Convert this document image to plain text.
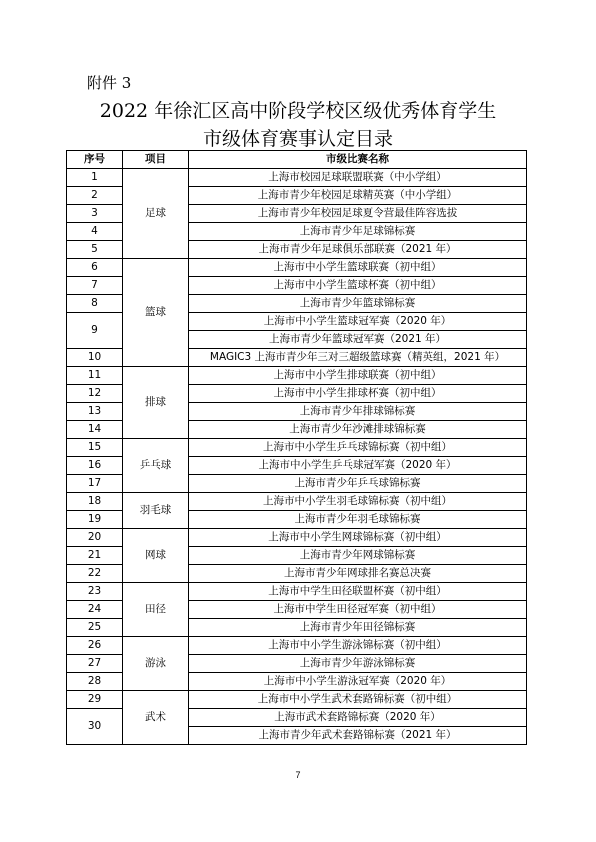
附件 3
2022 年徐汇区高中阶段学校区级优秀体育学生
市级体育赛事认定目录
序号	项目	市级比赛名称
1	足球	上海市校园足球联盟联赛（中小学组）
2		上海市青少年校园足球精英赛（中小学组）
3		上海市青少年校园足球夏令营最佳阵容选拔
4		上海市青少年足球锦标赛
5		上海市青少年足球俱乐部联赛（2021 年）
6	篮球	上海市中小学生篮球联赛（初中组）
7		上海市中小学生篮球杯赛（初中组）
8		上海市青少年篮球锦标赛
9		上海市中小学生篮球冠军赛（2020 年）
		上海市青少年篮球冠军赛（2021 年）
10		MAGIC3 上海市青少年三对三超级篮球赛（精英组，2021 年）
11	排球	上海市中小学生排球联赛（初中组）
12		上海市中小学生排球杯赛（初中组）
13		上海市青少年排球锦标赛
14		上海市青少年沙滩排球锦标赛
15	乒乓球	上海市中小学生乒乓球锦标赛（初中组）
16		上海市中小学生乒乓球冠军赛（2020 年）
17		上海市青少年乒乓球锦标赛
18	羽毛球	上海市中小学生羽毛球锦标赛（初中组）
19		上海市青少年羽毛球锦标赛
20	网球	上海市中小学生网球锦标赛（初中组）
21		上海市青少年网球锦标赛
22		上海市青少年网球排名赛总决赛
23	田径	上海市中学生田径联盟杯赛（初中组）
24		上海市中学生田径冠军赛（初中组）
25		上海市青少年田径锦标赛
26	游泳	上海市中小学生游泳锦标赛（初中组）
27		上海市青少年游泳锦标赛
28		上海市中小学生游泳冠军赛（2020 年）
29	武术	上海市中小学生武术套路锦标赛（初中组）
30		上海市武术套路锦标赛（2020 年）
		上海市青少年武术套路锦标赛（2021 年）
7
